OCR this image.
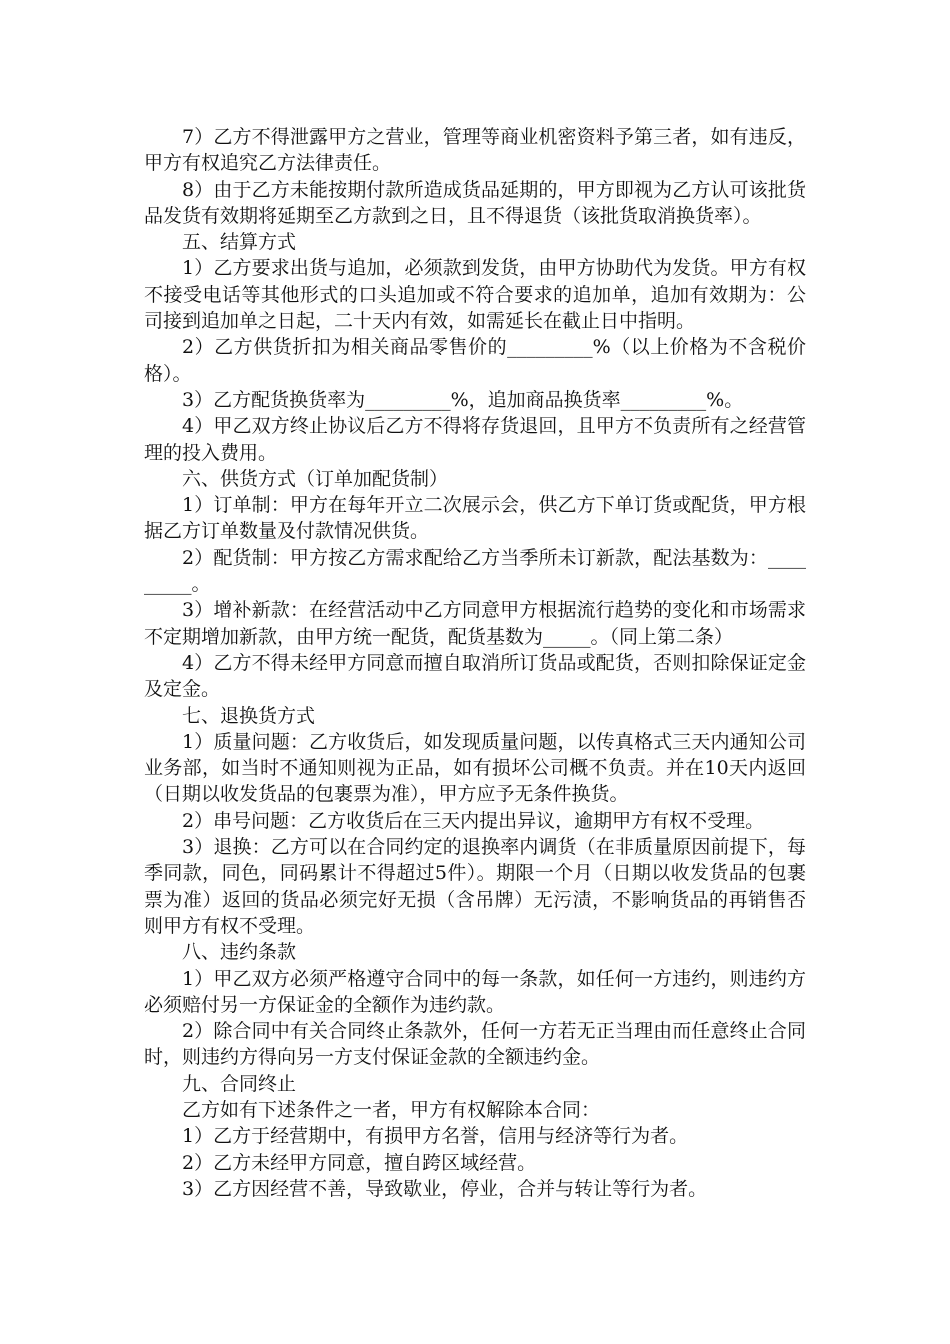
7）乙方不得泄露甲方之营业，管理等商业机密资料予第三者，如有违反，甲方有权追究乙方法律责任。

8）由于乙方未能按期付款所造成货品延期的，甲方即视为乙方认可该批货品发货有效期将延期至乙方款到之日，且不得退货（该批货取消换货率）。

五、结算方式

1）乙方要求出货与追加，必须款到发货，由甲方协助代为发货。甲方有权不接受电话等其他形式的口头追加或不符合要求的追加单，追加有效期为：公司接到追加单之日起，二十天内有效，如需延长在截止日中指明。

2）乙方供货折扣为相关商品零售价的_________%（以上价格为不含税价格）。

3）乙方配货换货率为_________%，追加商品换货率_________%。

4）甲乙双方终止协议后乙方不得将存货退回，且甲方不负责所有之经营管理的投入费用。

六、供货方式（订单加配货制）

1）订单制：甲方在每年开立二次展示会，供乙方下单订货或配货，甲方根据乙方订单数量及付款情况供货。

2）配货制：甲方按乙方需求配给乙方当季所未订新款，配法基数为：_________。

3）增补新款：在经营活动中乙方同意甲方根据流行趋势的变化和市场需求不定期增加新款，由甲方统一配货，配货基数为_____。（同上第二条）

4）乙方不得未经甲方同意而擅自取消所订货品或配货，否则扣除保证定金及定金。

七、退换货方式

1）质量问题：乙方收货后，如发现质量问题，以传真格式三天内通知公司业务部，如当时不通知则视为正品，如有损坏公司概不负责。并在10天内返回（日期以收发货品的包裹票为准），甲方应予无条件换货。

2）串号问题：乙方收货后在三天内提出异议，逾期甲方有权不受理。

3）退换：乙方可以在合同约定的退换率内调货（在非质量原因前提下，每季同款，同色，同码累计不得超过5件）。期限一个月（日期以收发货品的包裹票为准）返回的货品必须完好无损（含吊牌）无污渍，不影响货品的再销售否则甲方有权不受理。

八、违约条款

1）甲乙双方必须严格遵守合同中的每一条款，如任何一方违约，则违约方必须赔付另一方保证金的全额作为违约款。

2）除合同中有关合同终止条款外，任何一方若无正当理由而任意终止合同时，则违约方得向另一方支付保证金款的全额违约金。

九、合同终止

乙方如有下述条件之一者，甲方有权解除本合同：

1）乙方于经营期中，有损甲方名誉，信用与经济等行为者。

2）乙方未经甲方同意，擅自跨区域经营。

3）乙方因经营不善，导致歇业，停业，合并与转让等行为者。
